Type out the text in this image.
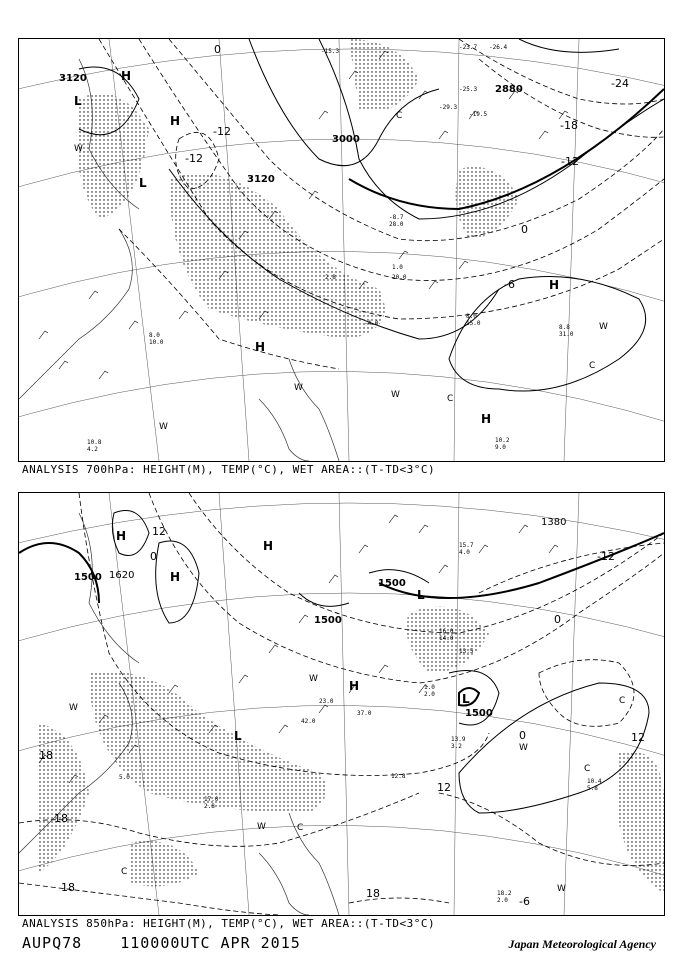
3120
3000
2880
3120
0
-12
-12
-24
-18
-12
0
-6
H
L
H
L
H
H
H
C
W
W
W
W
C
C
W
8.0
15.0
8.8
31.0
10.2
9.0
10.8
4.2
8.0
10.0
2.8
-4.0
1.0
20.0
-8.7
28.0
-23.7 -26.4
-25.3
-29.3
-19.5
-15.3
ANALYSIS 700hPa: HEIGHT(M), TEMP(°C), WET AREA::(T-TD<3°C)
1500 1620
1500
1500
1500
1380
12
0	-12
0
0	12
12
18
18
18	18
-6
H
H
L
L
H
H
L
W
W	C
W
C
C
W
C
W
10.4
5.8
18.2
2.0
13.9
3.2
12.8
15.7
4.0
16.0
14.0
13.5
5.0
17.0
2.8
42.0
23.0
37.0
1.0
2.0
ANALYSIS 850hPa: HEIGHT(M), TEMP(°C), WET AREA::(T-TD<3°C)
AUPQ78	110000UTC APR 2015	Japan Meteorological Agency
